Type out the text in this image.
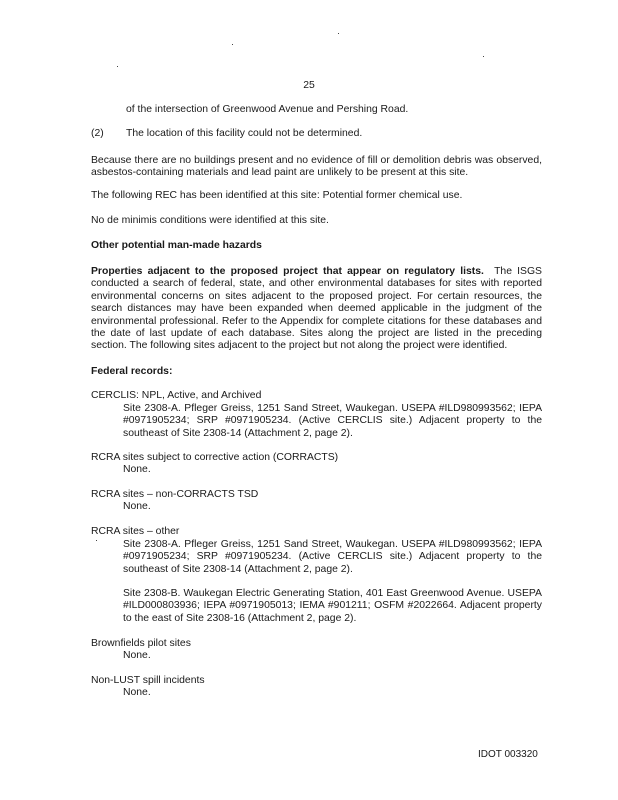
25
of the intersection of Greenwood Avenue and Pershing Road.
(2) The location of this facility could not be determined.

Because there are no buildings present and no evidence of fill or demolition debris was observed, asbestos-containing materials and lead paint are unlikely to be present at this site.

The following REC has been identified at this site: Potential former chemical use.

No de minimis conditions were identified at this site.

Other potential man-made hazards

Properties adjacent to the proposed project that appear on regulatory lists. The ISGS conducted a search of federal, state, and other environmental databases for sites with reported environmental concerns on sites adjacent to the proposed project. For certain resources, the search distances may have been expanded when deemed applicable in the judgment of the environmental professional. Refer to the Appendix for complete citations for these databases and the date of last update of each database. Sites along the project are listed in the preceding section. The following sites adjacent to the project but not along the project were identified.

Federal records:

CERCLIS: NPL, Active, and Archived

Site 2308-A. Pfleger Greiss, 1251 Sand Street, Waukegan. USEPA #ILD980993562; IEPA #0971905234; SRP #0971905234. (Active CERCLIS site.) Adjacent property to the southeast of Site 2308-14 (Attachment 2, page 2).

RCRA sites subject to corrective action (CORRACTS)

None.

RCRA sites – non-CORRACTS TSD

None.

RCRA sites – other

Site 2308-A. Pfleger Greiss, 1251 Sand Street, Waukegan. USEPA #ILD980993562; IEPA #0971905234; SRP #0971905234. (Active CERCLIS site.) Adjacent property to the southeast of Site 2308-14 (Attachment 2, page 2).

Site 2308-B. Waukegan Electric Generating Station, 401 East Greenwood Avenue. USEPA #ILD000803936; IEPA #0971905013; IEMA #901211; OSFM #2022664. Adjacent property to the east of Site 2308-16 (Attachment 2, page 2).

Brownfields pilot sites

None.

Non-LUST spill incidents

None.

IDOT 003320
